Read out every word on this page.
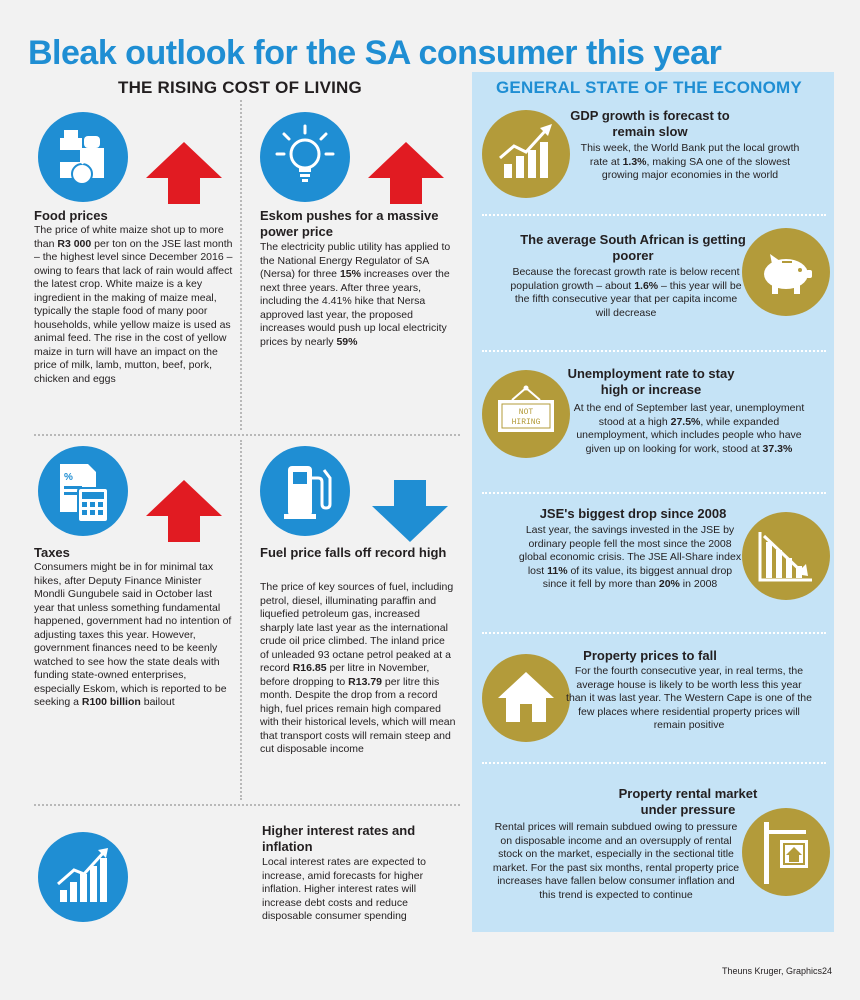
Bleak outlook for the SA consumer this year
THE RISING COST OF LIVING	GENERAL STATE OF THE ECONOMY
Food prices
The price of white maize shot up to more than R3 000 per ton on the JSE last month – the highest level since December 2016 – owing to fears that lack of rain would affect the latest crop. White maize is a key ingredient in the making of maize meal, typically the staple food of many poor households, while yellow maize is used as animal feed. The rise in the cost of yellow maize in turn will have an impact on the price of milk, lamb, mutton, beef, pork, chicken and eggs
Eskom pushes for a massive power price
The electricity public utility has applied to the National Energy Regulator of SA (Nersa) for three 15% increases over the next three years. After three years, including the 4.41% hike that Nersa approved last year, the proposed increases would push up local electricity prices by nearly 59%
%
Taxes
Consumers might be in for minimal tax hikes, after Deputy Finance Minister Mondli Gungubele said in October last year that unless something fundamental happened, government had no intention of adjusting taxes this year. However, government finances need to be keenly watched to see how the state deals with funding state-owned enterprises, especially Eskom, which is reported to be seeking a R100 billion bailout
Fuel price falls off record high
The price of key sources of fuel, including petrol, diesel, illuminating paraffin and liquefied petroleum gas, increased sharply late last year as the international crude oil price climbed. The inland price of unleaded 93 octane petrol peaked at a record R16.85 per litre in November, before dropping to R13.79 per litre this month. Despite the drop from a record high, fuel prices remain high compared with their historical levels, which will mean that transport costs will remain steep and cut disposable income
Higher interest rates and inflation
Local interest rates are expected to increase, amid forecasts for higher inflation. Higher interest rates will increase debt costs and reduce disposable consumer spending
GDP growth is forecast to remain slow
This week, the World Bank put the local growth rate at 1.3%, making SA one of the slowest growing major economies in the world
The average South African is getting poorer
Because the forecast growth rate is below recent population growth – about 1.6% – this year will be the fifth consecutive year that per capita income will decrease
NOT
HIRING
Unemployment rate to stay high or increase
At the end of September last year, unemployment stood at a high 27.5%, while expanded unemployment, which includes people who have given up on looking for work, stood at 37.3%
JSE's biggest drop since 2008
Last year, the savings invested in the JSE by ordinary people fell the most since the 2008 global economic crisis. The JSE All-Share index lost 11% of its value, its biggest annual drop since it fell by more than 20% in 2008
Property prices to fall
For the fourth consecutive year, in real terms, the average house is likely to be worth less this year than it was last year. The Western Cape is one of the few places where residential property prices will remain positive
Property rental market under pressure
Rental prices will remain subdued owing to pressure on disposable income and an oversupply of rental stock on the market, especially in the sectional title market. For the past six months, rental property price increases have fallen below consumer inflation and this trend is expected to continue
Theuns Kruger, Graphics24
